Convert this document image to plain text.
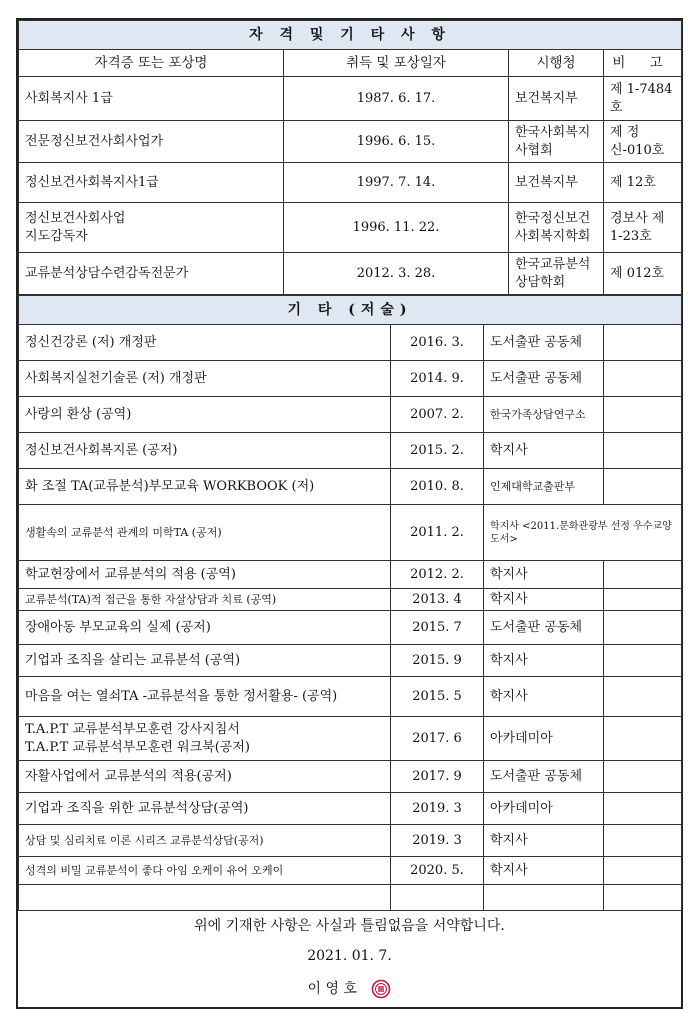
자 격 및 기 타 사 항			
자격증 또는 포상명	취득 및 포상일자	시행청	비 고
사회복지사 1급	1987. 6. 17.	보건복지부	제 1-7484호
전문정신보건사회사업가	1996. 6. 15.	한국사회복지사협회	제 정신-010호
정신보건사회복지사1급	1997. 7. 14.	보건복지부	제 12호
정신보건사회사업
지도감독자	1996. 11. 22.	한국정신보건사회복지학회	경보사 제1-23호
교류분석상담수련감독전문가	2012. 3. 28.	한국교류분석상담학회	제 012호
기 타 (저술)			
정신건강론 (저) 개정판	2016. 3.	도서출판 공동체	
사회복지실천기술론 (저) 개정판	2014. 9.	도서출판 공동체	
사랑의 환상 (공역)	2007. 2.	한국가족상담연구소	
정신보건사회복지론 (공저)	2015. 2.	학지사	
화 조절 TA(교류분석)부모교육 WORKBOOK (저)	2010. 8.	인제대학교출판부	
생활속의 교류분석 관계의 미학TA (공저)	2011. 2.	학지사 <2011.문화관광부 선정 우수교양도서>	
학교현장에서 교류분석의 적용 (공역)	2012. 2.	학지사	
교류분석(TA)적 접근을 통한 자살상담과 치료 (공역)	2013. 4	학지사	
장애아동 부모교육의 실제 (공저)	2015. 7	도서출판 공동체	
기업과 조직을 살리는 교류분석 (공역)	2015. 9	학지사	
마음을 여는 열쇠TA -교류분석을 통한 정서활용- (공역)	2015. 5	학지사	
T.A.P.T 교류분석부모훈련 강사지침서
T.A.P.T 교류분석부모훈련 워크북(공저)	2017. 6	아카데미아	
자활사업에서 교류분석의 적용(공저)	2017. 9	도서출판 공동체	
기업과 조직을 위한 교류분석상담(공역)	2019. 3	아카데미아	
상담 및 심리치료 이론 시리즈 교류분석상담(공저)	2019. 3	학지사	
성격의 비밀 교류분석이 좋다 아임 오케이 유어 오케이	2020. 5.	학지사	

위에 기재한 사항은 사실과 틀림없음을 서약합니다.
2021. 01. 7.
이 영 호
